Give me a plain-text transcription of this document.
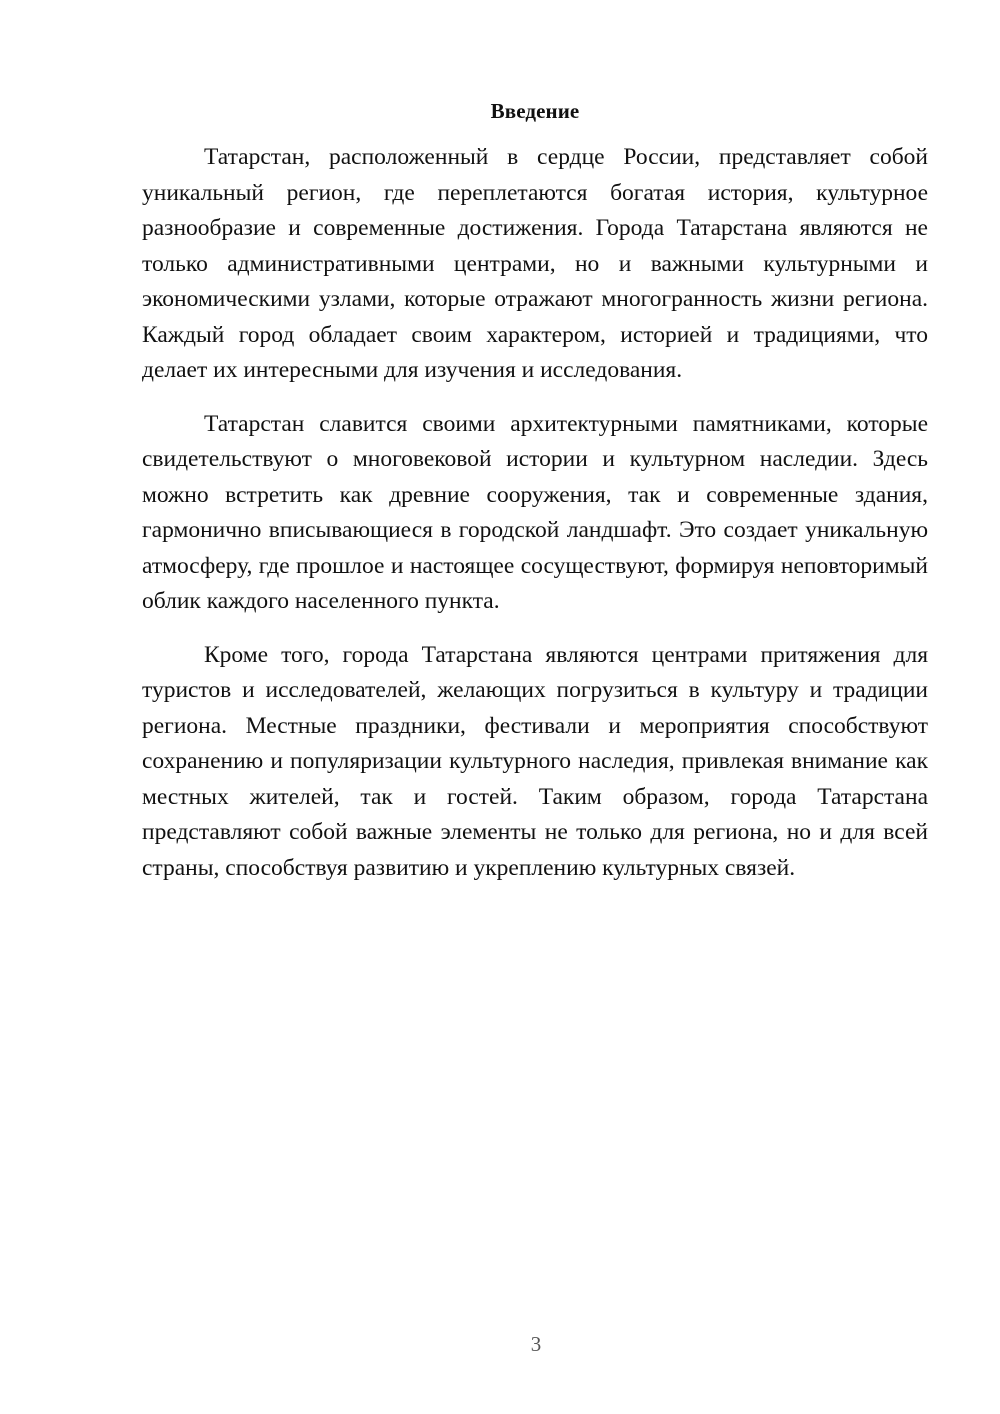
Введение

Татарстан, расположенный в сердце России, представляет собой уникальный регион, где переплетаются богатая история, культурное разнообразие и современные достижения. Города Татарстана являются не только административными центрами, но и важными культурными и экономическими узлами, которые отражают многогранность жизни региона. Каждый город обладает своим характером, историей и традициями, что делает их интересными для изучения и исследования.

Татарстан славится своими архитектурными памятниками, которые свидетельствуют о многовековой истории и культурном наследии. Здесь можно встретить как древние сооружения, так и современные здания, гармонично вписывающиеся в городской ландшафт. Это создает уникальную атмосферу, где прошлое и настоящее сосуществуют, формируя неповторимый облик каждого населенного пункта.

Кроме того, города Татарстана являются центрами притяжения для туристов и исследователей, желающих погрузиться в культуру и традиции региона. Местные праздники, фестивали и мероприятия способствуют сохранению и популяризации культурного наследия, привлекая внимание как местных жителей, так и гостей. Таким образом, города Татарстана представляют собой важные элементы не только для региона, но и для всей страны, способствуя развитию и укреплению культурных связей.

3
